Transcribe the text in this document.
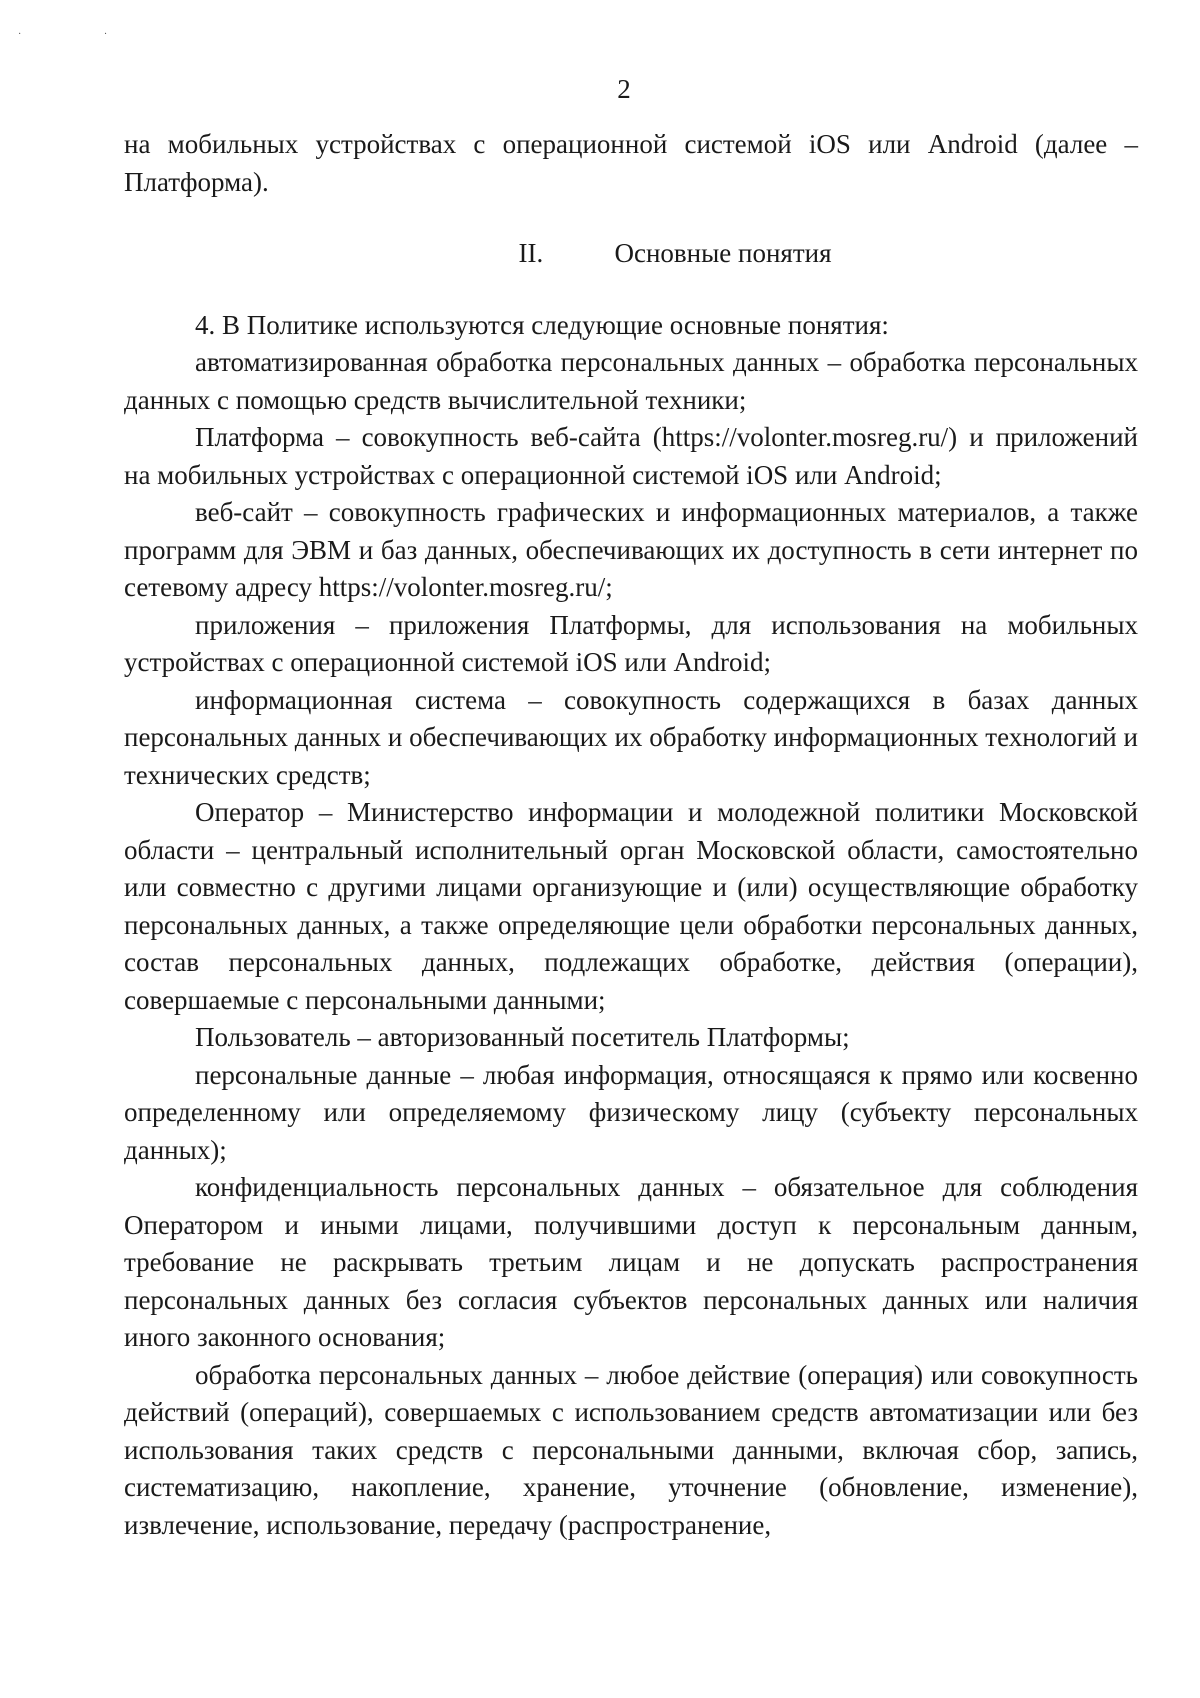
· ·
2

на мобильных устройствах с операционной системой iOS или Android (далее – Платформа).

II.	Основные понятия

4. В Политике используются следующие основные понятия:

автоматизированная обработка персональных данных – обработка персональных данных с помощью средств вычислительной техники;

Платформа – совокупность веб-сайта (https://volonter.mosreg.ru/) и приложений на мобильных устройствах с операционной системой iOS или Android;

веб-сайт – совокупность графических и информационных материалов, а также программ для ЭВМ и баз данных, обеспечивающих их доступность в сети интернет по сетевому адресу https://volonter.mosreg.ru/;

приложения – приложения Платформы, для использования на мобильных устройствах с операционной системой iOS или Android;

информационная система – совокупность содержащихся в базах данных персональных данных и обеспечивающих их обработку информационных технологий и технических средств;

Оператор – Министерство информации и молодежной политики Московской области – центральный исполнительный орган Московской области, самостоятельно или совместно с другими лицами организующие и (или) осуществляющие обработку персональных данных, а также определяющие цели обработки персональных данных, состав персональных данных, подлежащих обработке, действия (операции), совершаемые с персональными данными;

Пользователь – авторизованный посетитель Платформы;

персональные данные – любая информация, относящаяся к прямо или косвенно определенному или определяемому физическому лицу (субъекту персональных данных);

конфиденциальность персональных данных – обязательное для соблюдения Оператором и иными лицами, получившими доступ к персональным данным, требование не раскрывать третьим лицам и не допускать распространения персональных данных без согласия субъектов персональных данных или наличия иного законного основания;

обработка персональных данных – любое действие (операция) или совокупность действий (операций), совершаемых с использованием средств автоматизации или без использования таких средств с персональными данными, включая сбор, запись, систематизацию, накопление, хранение, уточнение (обновление, изменение), извлечение, использование, передачу (распространение,
